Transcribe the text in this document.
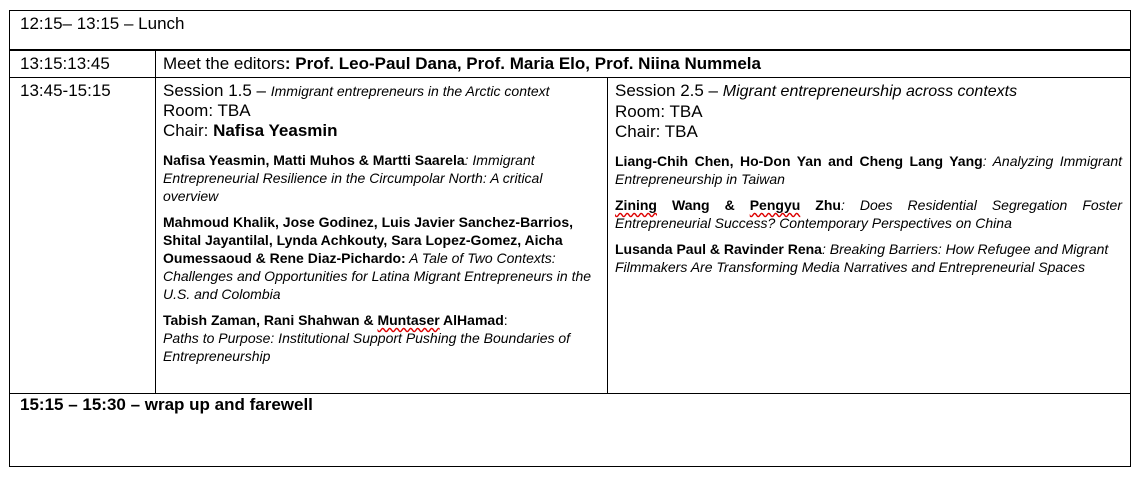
12:15– 13:15 – Lunch
13:15:13:45	Meet the editors: Prof. Leo-Paul Dana, Prof. Maria Elo, Prof. Niina Nummela
13:45-15:15	Session 1.5 – Immigrant entrepreneurs in the Arctic context
Room: TBA
Chair: Nafisa Yeasmin
Nafisa Yeasmin, Matti Muhos & Martti Saarela: Immigrant Entrepreneurial Resilience in the Circumpolar North: A critical overview
Mahmoud Khalik, Jose Godinez, Luis Javier Sanchez-Barrios, Shital Jayantilal, Lynda Achkouty, Sara Lopez-Gomez, Aicha Oumessaoud & Rene Diaz-Pichardo: A Tale of Two Contexts: Challenges and Opportunities for Latina Migrant Entrepreneurs in the U.S. and Colombia
Tabish Zaman, Rani Shahwan & Muntaser AlHamad:
Paths to Purpose: Institutional Support Pushing the Boundaries of Entrepreneurship
Session 2.5 – Migrant entrepreneurship across contexts
Room: TBA
Chair: TBA
Liang-Chih Chen, Ho-Don Yan and Cheng Lang Yang: Analyzing Immigrant Entrepreneurship in Taiwan
Zining Wang & Pengyu Zhu: Does Residential Segregation Foster Entrepreneurial Success? Contemporary Perspectives on China
Lusanda Paul & Ravinder Rena: Breaking Barriers: How Refugee and Migrant Filmmakers Are Transforming Media Narratives and Entrepreneurial Spaces
15:15 – 15:30 – wrap up and farewell
